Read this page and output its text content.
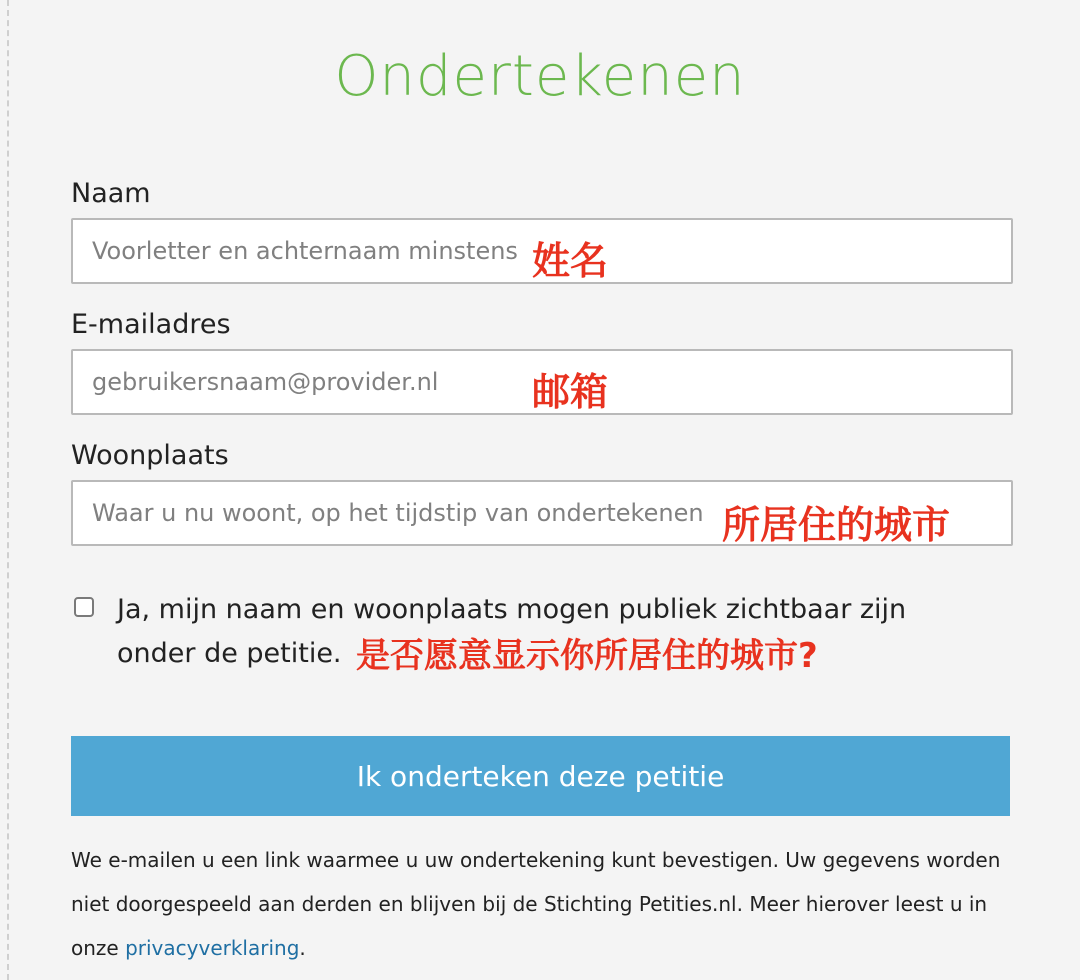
Ondertekenen
Naam
Voorletter en achternaam minstens
姓名
E-mailadres
gebruikersnaam@provider.nl
邮箱
Woonplaats
Waar u nu woont, op het tijdstip van ondertekenen
所居住的城市
Ja, mijn naam en woonplaats mogen publiek zichtbaar zijn
onder de petitie. 是否愿意显示你所居住的城市?
Ik onderteken deze petitie

We e-mailen u een link waarmee u uw ondertekening kunt bevestigen. Uw gegevens worden niet doorgespeeld aan derden en blijven bij de Stichting Petities.nl. Meer hierover leest u in onze privacyverklaring.
